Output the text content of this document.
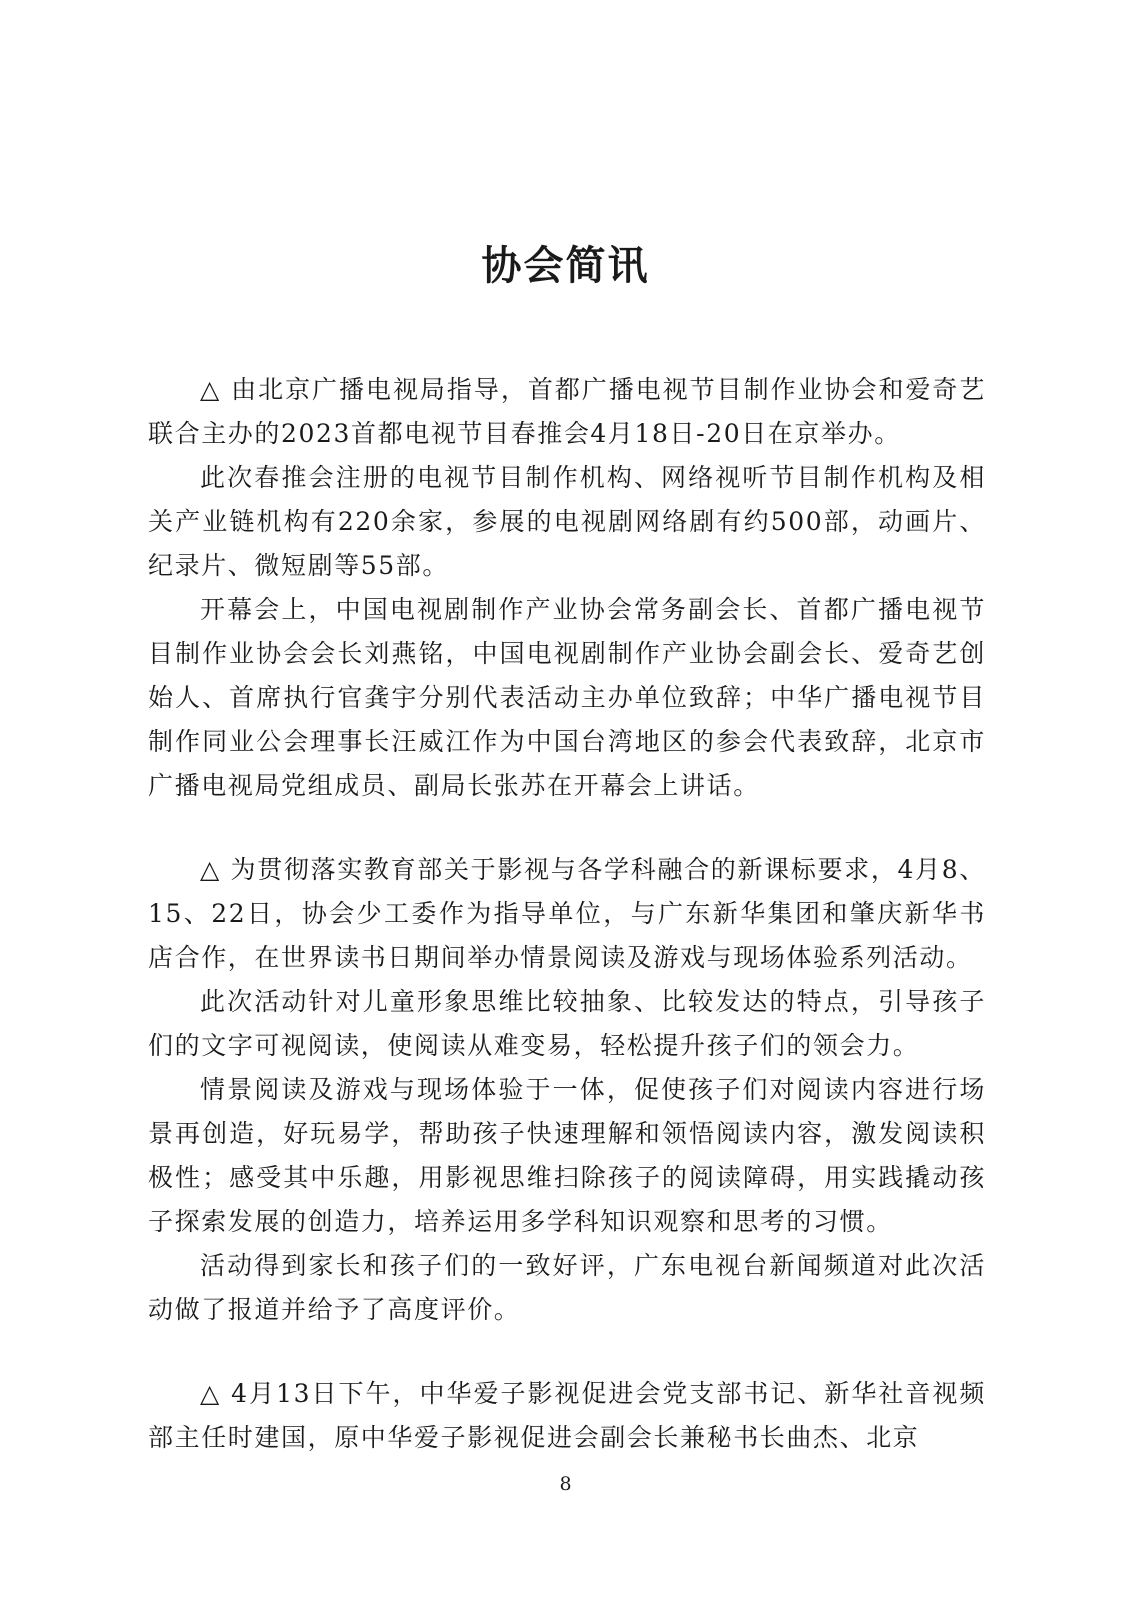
协会简讯

△ 由北京广播电视局指导，首都广播电视节目制作业协会和爱奇艺联合主办的2023首都电视节目春推会4月18日-20日在京举办。

此次春推会注册的电视节目制作机构、网络视听节目制作机构及相关产业链机构有220余家，参展的电视剧网络剧有约500部，动画片、纪录片、微短剧等55部。

开幕会上，中国电视剧制作产业协会常务副会长、首都广播电视节目制作业协会会长刘燕铭，中国电视剧制作产业协会副会长、爱奇艺创始人、首席执行官龚宇分别代表活动主办单位致辞；中华广播电视节目制作同业公会理事长汪威江作为中国台湾地区的参会代表致辞，北京市广播电视局党组成员、副局长张苏在开幕会上讲话。

△ 为贯彻落实教育部关于影视与各学科融合的新课标要求，4月8、15、22日，协会少工委作为指导单位，与广东新华集团和肇庆新华书店合作，在世界读书日期间举办情景阅读及游戏与现场体验系列活动。

此次活动针对儿童形象思维比较抽象、比较发达的特点，引导孩子们的文字可视阅读，使阅读从难变易，轻松提升孩子们的领会力。

情景阅读及游戏与现场体验于一体，促使孩子们对阅读内容进行场景再创造，好玩易学，帮助孩子快速理解和领悟阅读内容，激发阅读积极性；感受其中乐趣，用影视思维扫除孩子的阅读障碍，用实践撬动孩子探索发展的创造力，培养运用多学科知识观察和思考的习惯。

活动得到家长和孩子们的一致好评，广东电视台新闻频道对此次活动做了报道并给予了高度评价。

△ 4月13日下午，中华爱子影视促进会党支部书记、新华社音视频部主任时建国，原中华爱子影视促进会副会长兼秘书长曲杰、北京

8
